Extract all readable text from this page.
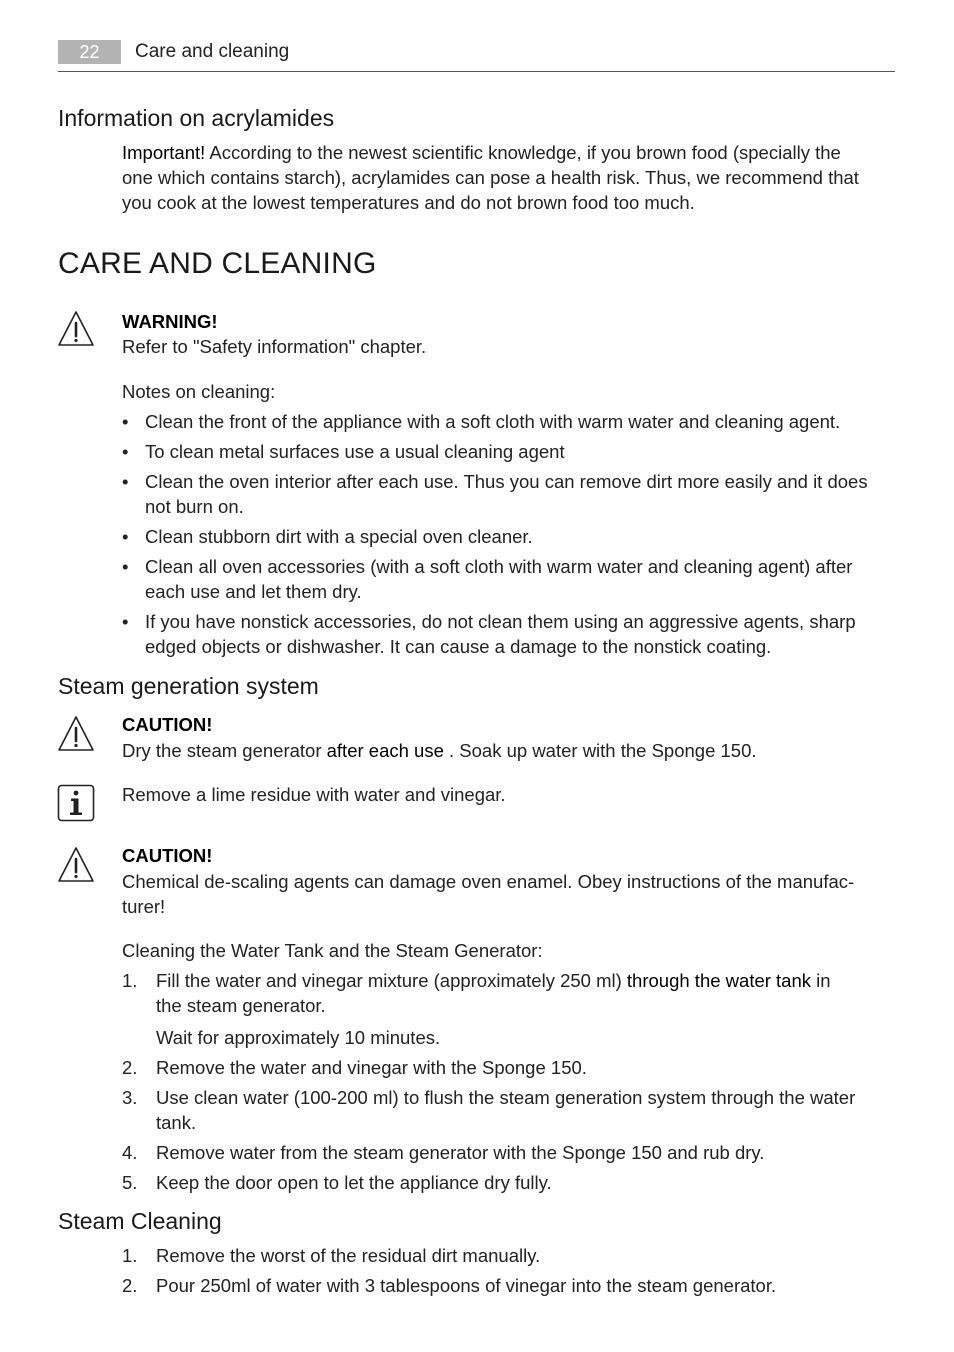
22	Care and cleaning
Information on acrylamides
Important! According to the newest scientific knowledge, if you brown food (specially the
one which contains starch), acrylamides can pose a health risk. Thus, we recommend that
you cook at the lowest temperatures and do not brown food too much.
CARE AND CLEANING
WARNING!
Refer to "Safety information" chapter.
Notes on cleaning:
• Clean the front of the appliance with a soft cloth with warm water and cleaning agent.
• To clean metal surfaces use a usual cleaning agent
• Clean the oven interior after each use. Thus you can remove dirt more easily and it does
not burn on.
• Clean stubborn dirt with a special oven cleaner.
• Clean all oven accessories (with a soft cloth with warm water and cleaning agent) after
each use and let them dry.
• If you have nonstick accessories, do not clean them using an aggressive agents, sharp
edged objects or dishwasher. It can cause a damage to the nonstick coating.
Steam generation system
CAUTION!
Dry the steam generator after each use . Soak up water with the Sponge 150.
Remove a lime residue with water and vinegar.
CAUTION!
Chemical de-scaling agents can damage oven enamel. Obey instructions of the manufac-
turer!
Cleaning the Water Tank and the Steam Generator:
1. Fill the water and vinegar mixture (approximately 250 ml) through the water tank in
the steam generator.
Wait for approximately 10 minutes.
2. Remove the water and vinegar with the Sponge 150.
3. Use clean water (100-200 ml) to flush the steam generation system through the water
tank.
4. Remove water from the steam generator with the Sponge 150 and rub dry.
5. Keep the door open to let the appliance dry fully.
Steam Cleaning
1. Remove the worst of the residual dirt manually.
2. Pour 250ml of water with 3 tablespoons of vinegar into the steam generator.
